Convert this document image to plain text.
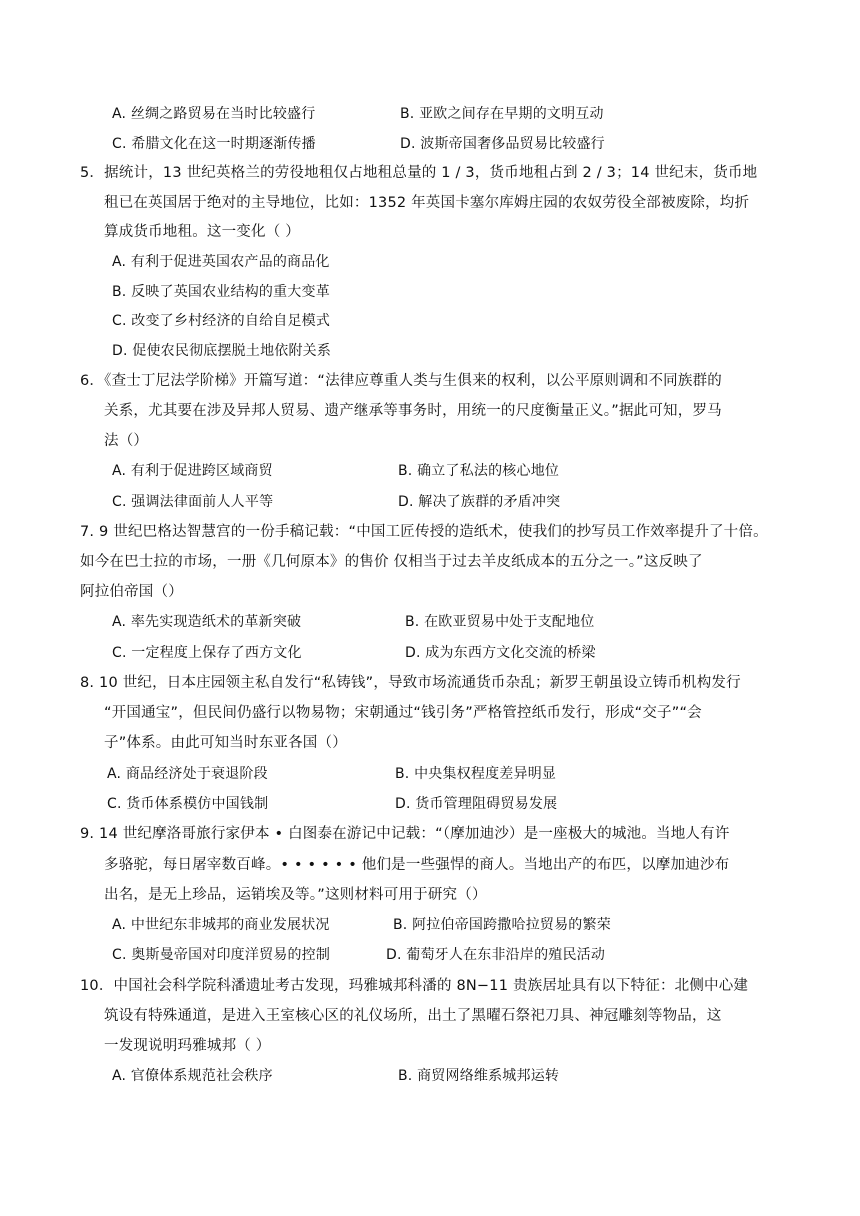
A. 丝绸之路贸易在当时比较盛行	B. 亚欧之间存在早期的文明互动
C. 希腊文化在这一时期逐渐传播	D. 波斯帝国奢侈品贸易比较盛行
5．据统计，13 世纪英格兰的劳役地租仅占地租总量的 1 / 3，货币地租占到 2 / 3；14 世纪末，货币地
租已在英国居于绝对的主导地位，比如：1352 年英国卡塞尔库姆庄园的农奴劳役全部被废除，均折
算成货币地租。这一变化（ ）
A. 有利于促进英国农产品的商品化
B. 反映了英国农业结构的重大变革
C. 改变了乡村经济的自给自足模式
D. 促使农民彻底摆脱土地依附关系
6．《查士丁尼法学阶梯》开篇写道：“法律应尊重人类与生俱来的权利，以公平原则调和不同族群的
关系，尤其要在涉及异邦人贸易、遗产继承等事务时，用统一的尺度衡量正义。”据此可知，罗马
法（）
A. 有利于促进跨区域商贸	B. 确立了私法的核心地位
C. 强调法律面前人人平等	D. 解决了族群的矛盾冲突
7. 9 世纪巴格达智慧宫的一份手稿记载：“中国工匠传授的造纸术，使我们的抄写员工作效率提升了十倍。
如今在巴士拉的市场，一册《几何原本》的售价 仅相当于过去羊皮纸成本的五分之一。”这反映了
阿拉伯帝国（）
A. 率先实现造纸术的革新突破	B. 在欧亚贸易中处于支配地位
C. 一定程度上保存了西方文化	D. 成为东西方文化交流的桥梁
8. 10 世纪，日本庄园领主私自发行“私铸钱”，导致市场流通货币杂乱；新罗王朝虽设立铸币机构发行
“开国通宝”，但民间仍盛行以物易物；宋朝通过“钱引务”严格管控纸币发行，形成“交子”“会
子”体系。由此可知当时东亚各国（）
A. 商品经济处于衰退阶段	B. 中央集权程度差异明显
C. 货币体系模仿中国钱制	D. 货币管理阻碍贸易发展
9. 14 世纪摩洛哥旅行家伊本 • 白图泰在游记中记载：“（摩加迪沙）是一座极大的城池。当地人有许
多骆驼，每日屠宰数百峰。• • • • • • 他们是一些强悍的商人。当地出产的布匹，以摩加迪沙布
出名，是无上珍品，运销埃及等。”这则材料可用于研究（）
A. 中世纪东非城邦的商业发展状况	B. 阿拉伯帝国跨撒哈拉贸易的繁荣
C. 奥斯曼帝国对印度洋贸易的控制	D. 葡萄牙人在东非沿岸的殖民活动
10．中国社会科学院科潘遗址考古发现，玛雅城邦科潘的 8N−11 贵族居址具有以下特征：北侧中心建
筑设有特殊通道，是进入王室核心区的礼仪场所，出土了黑曜石祭祀刀具、神冠雕刻等物品，这
一发现说明玛雅城邦（ ）
A. 官僚体系规范社会秩序	B. 商贸网络维系城邦运转
